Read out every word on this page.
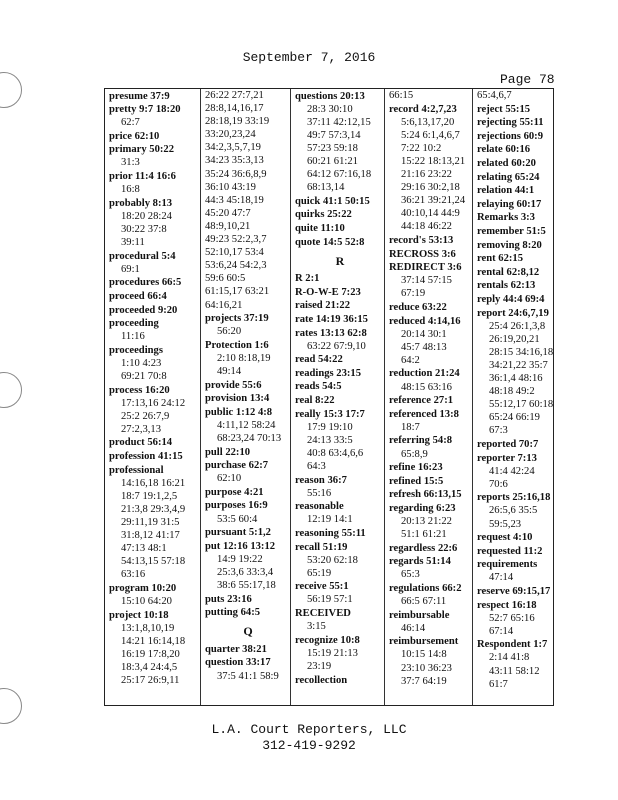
September 7, 2016
Page 78
presume 37:9
pretty 9:7 18:20
62:7
price 62:10
primary 50:22
31:3
prior 11:4 16:6
16:8
probably 8:13
18:20 28:24
30:22 37:8
39:11
procedural 5:4
69:1
procedures 66:5
proceed 66:4
proceeded 9:20
proceeding
11:16
proceedings
1:10 4:23
69:21 70:8
process 16:20
17:13,16 24:12
25:2 26:7,9
27:2,3,13
product 56:14
profession 41:15
professional
14:16,18 16:21
18:7 19:1,2,5
21:3,8 29:3,4,9
29:11,19 31:5
31:8,12 41:17
47:13 48:1
54:13,15 57:18
63:16
program 10:20
15:10 64:20
project 10:18
13:1,8,10,19
14:21 16:14,18
16:19 17:8,20
18:3,4 24:4,5
25:17 26:9,11
26:22 27:7,21
28:8,14,16,17
28:18,19 33:19
33:20,23,24
34:2,3,5,7,19
34:23 35:3,13
35:24 36:6,8,9
36:10 43:19
44:3 45:18,19
45:20 47:7
48:9,10,21
49:23 52:2,3,7
52:10,17 53:4
53:6,24 54:2,3
59:6 60:5
61:15,17 63:21
64:16,21
projects 37:19
56:20
Protection 1:6
2:10 8:18,19
49:14
provide 55:6
provision 13:4
public 1:12 4:8
4:11,12 58:24
68:23,24 70:13
pull 22:10
purchase 62:7
62:10
purpose 4:21
purposes 16:9
53:5 60:4
pursuant 5:1,2
put 12:16 13:12
14:9 19:22
25:3,6 33:3,4
38:6 55:17,18
puts 23:16
putting 64:5
Q
quarter 38:21
question 33:17
37:5 41:1 58:9
questions 20:13
28:3 30:10
37:11 42:12,15
49:7 57:3,14
57:23 59:18
60:21 61:21
64:12 67:16,18
68:13,14
quick 41:1 50:15
quirks 25:22
quite 11:10
quote 14:5 52:8
R
R 2:1
R-O-W-E 7:23
raised 21:22
rate 14:19 36:15
rates 13:13 62:8
63:22 67:9,10
read 54:22
readings 23:15
reads 54:5
real 8:22
really 15:3 17:7
17:9 19:10
24:13 33:5
40:8 63:4,6,6
64:3
reason 36:7
55:16
reasonable
12:19 14:1
reasoning 55:11
recall 51:19
53:20 62:18
65:19
receive 55:1
56:19 57:1
RECEIVED
3:15
recognize 10:8
15:19 21:13
23:19
recollection
66:15
record 4:2,7,23
5:6,13,17,20
5:24 6:1,4,6,7
7:22 10:2
15:22 18:13,21
21:16 23:22
29:16 30:2,18
36:21 39:21,24
40:10,14 44:9
44:18 46:22
record's 53:13
RECROSS 3:6
REDIRECT 3:6
37:14 57:15
67:19
reduce 63:22
reduced 4:14,16
20:14 30:1
45:7 48:13
64:2
reduction 21:24
48:15 63:16
reference 27:1
referenced 13:8
18:7
referring 54:8
65:8,9
refine 16:23
refined 15:5
refresh 66:13,15
regarding 6:23
20:13 21:22
51:1 61:21
regardless 22:6
regards 51:14
65:3
regulations 66:2
66:5 67:11
reimbursable
46:14
reimbursement
10:15 14:8
23:10 36:23
37:7 64:19
65:4,6,7
reject 55:15
rejecting 55:11
rejections 60:9
relate 60:16
related 60:20
relating 65:24
relation 44:1
relaying 60:17
Remarks 3:3
remember 51:5
removing 8:20
rent 62:15
rental 62:8,12
rentals 62:13
reply 44:4 69:4
report 24:6,7,19
25:4 26:1,3,8
26:19,20,21
28:15 34:16,18
34:21,22 35:7
36:1,4 48:16
48:18 49:2
55:12,17 60:18
65:24 66:19
67:3
reported 70:7
reporter 7:13
41:4 42:24
70:6
reports 25:16,18
26:5,6 35:5
59:5,23
request 4:10
requested 11:2
requirements
47:14
reserve 69:15,17
respect 16:18
52:7 65:16
67:14
Respondent 1:7
2:14 41:8
43:11 58:12
61:7
L.A. Court Reporters, LLC
312-419-9292
